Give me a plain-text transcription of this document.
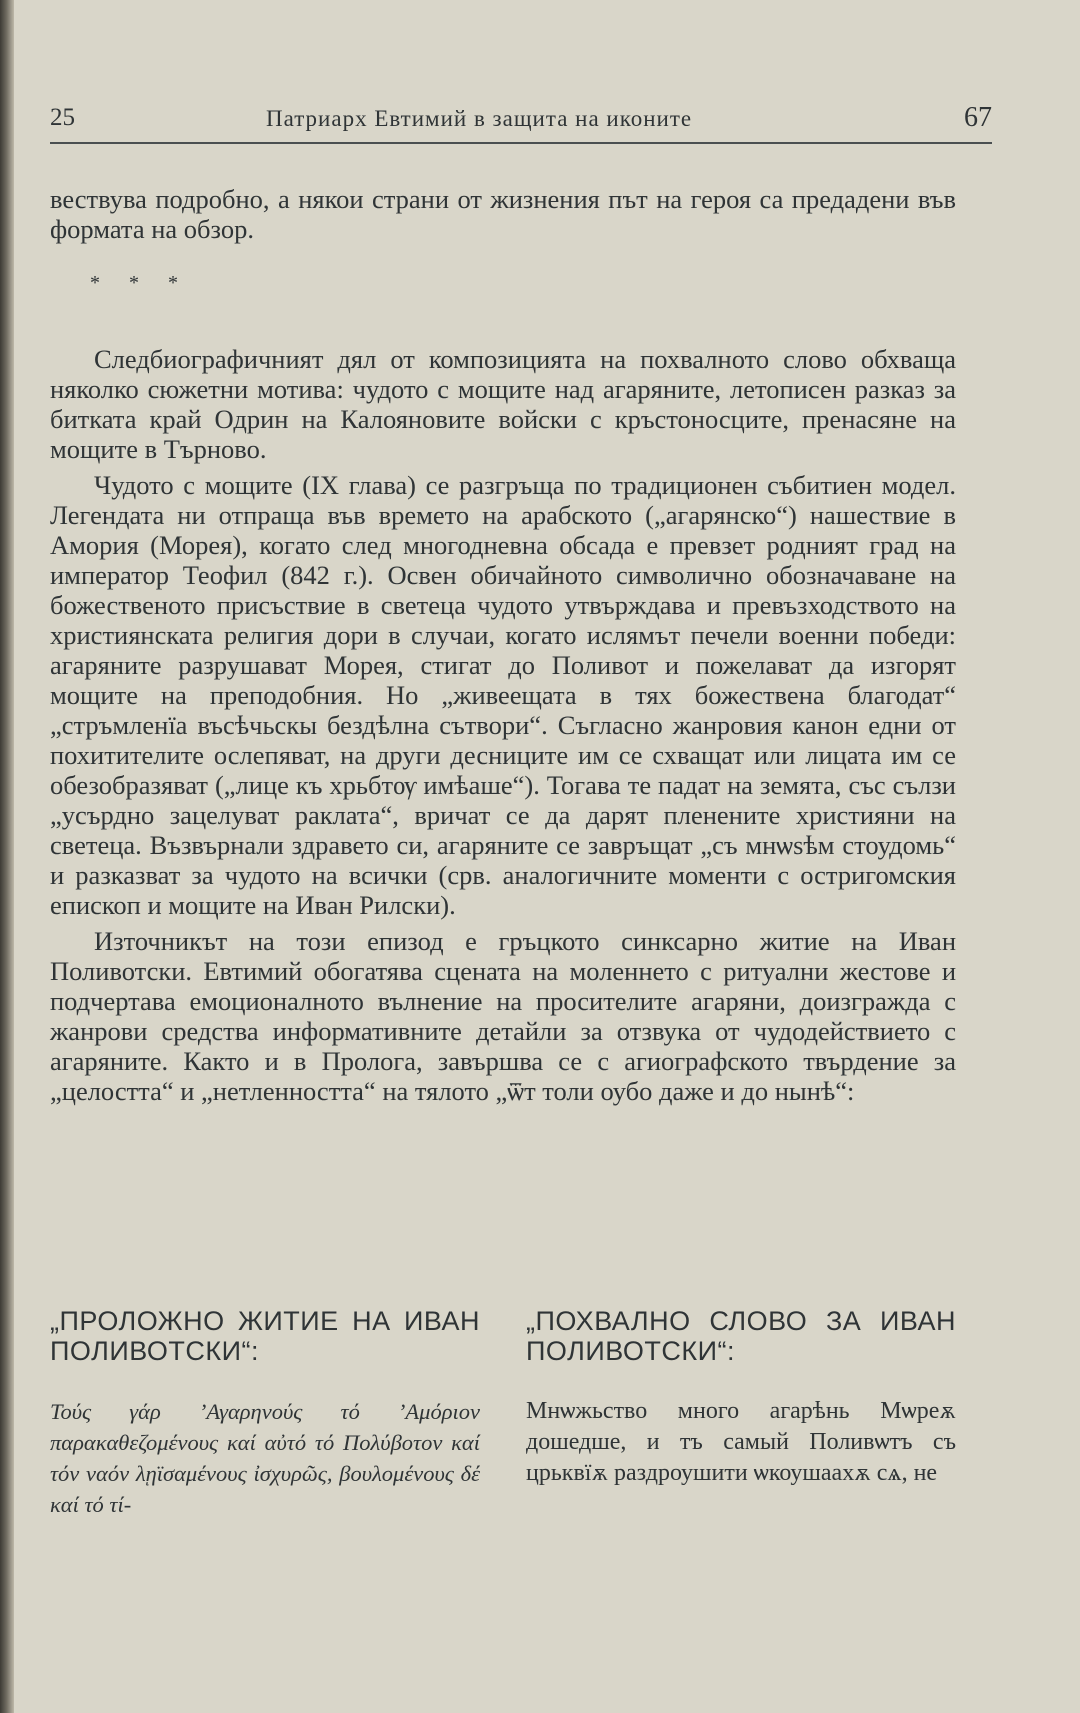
25	Патриарх Евтимий в защита на иконите	67

вествува подробно, а някои страни от жизнения път на героя са предадени във формата на обзор.

* * *

Следбиографичният дял от композицията на похвалното слово обхваща няколко сюжетни мотива: чудото с мощите над агаряните, летописен разказ за битката край Одрин на Калояновите войски с кръстоносците, пренасяне на мощите в Търново.

Чудото с мощите (IX глава) се разгръща по традиционен събитиен модел. Легендата ни отпраща във времето на арабското („агарянско“) нашествие в Амория (Морея), когато след многодневна обсада е превзет родният град на император Теофил (842 г.). Освен обичайното символично обозначаване на божественото присъствие в светеца чудото утвърждава и превъзходството на християнската религия дори в случаи, когато ислямът печели военни победи: агаряните разрушават Морея, стигат до Поливот и пожелават да изгорят мощите на преподобния. Но „живеещата в тях божествена благодат“ „стръмленїа въсѣчьскы бездѣлна сътвори“. Съгласно жанровия канон едни от похитителите ослепяват, на други десниците им се схващат или лицата им се обезобразяват („лице къ хрьбтѹ имѣаше“). Тогава те падат на земята, със сълзи „усърдно зацелуват раклата“, вричат се да дарят пленените християни на светеца. Възвърнали здравето си, агаряните се завръщат „съ мнѡѕѣм стоудомь“ и разказват за чудото на всички (срв. аналогичните моменти с остригомския епископ и мощите на Иван Рилски).

Източникът на този епизод е гръцкото синксарно житие на Иван Поливотски. Евтимий обогатява сцената на моленнето с ритуални жестове и подчертава емоционалното вълнение на просителите агаряни, доизгражда с жанрови средства информативните детайли за отзвука от чудодействието с агаряните. Както и в Пролога, завършва се с агиографското твърдение за „целостта“ и „нетленността“ на тялото „ѿт толи оубо даже и до нынѣ“:

„ПРОЛОЖНО ЖИТИЕ НА ИВАН ПОЛИВОТСКИ“:
Τούς γάρ ’Αγαρηνούς τό ’Αμόριον παρακαθεζομένους καί αὐτό τό Πολύβοτον καί τόν ναόν λῃϊσαμένους ἰσχυρῶς, βουλομένους δέ καί τό τί-
„ПОХВАЛНО СЛОВО ЗА ИВАН ПОЛИВОТСКИ“:
Мнѡжьство много агарѣнь Мѡреѫ дошедше, и тъ самый Поливѡтъ съ црьквїѫ раздроушити ѡкоушаахѫ сѧ, не
